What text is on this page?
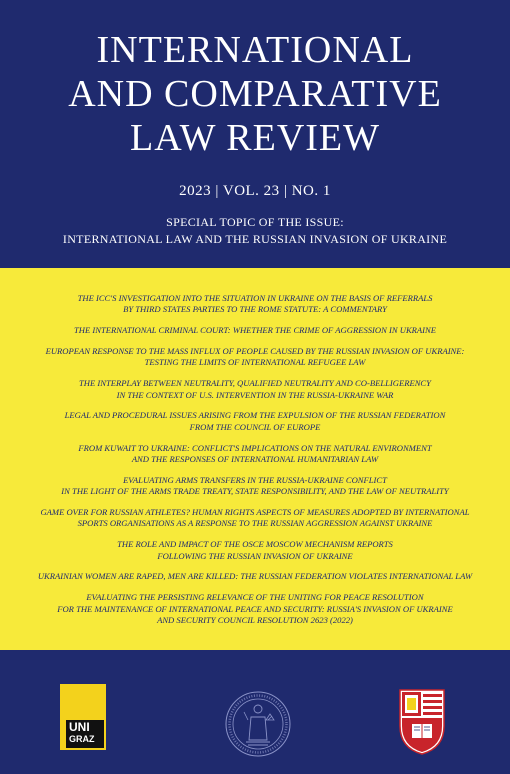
INTERNATIONAL
AND COMPARATIVE
LAW REVIEW
2023 | VOL. 23 | NO. 1
SPECIAL TOPIC OF THE ISSUE:
INTERNATIONAL LAW AND THE RUSSIAN INVASION OF UKRAINE
THE ICC'S INVESTIGATION INTO THE SITUATION IN UKRAINE ON THE BASIS OF REFERRALS
BY THIRD STATES PARTIES TO THE ROME STATUTE: A COMMENTARY
THE INTERNATIONAL CRIMINAL COURT: WHETHER THE CRIME OF AGGRESSION IN UKRAINE
EUROPEAN RESPONSE TO THE MASS INFLUX OF PEOPLE CAUSED BY THE RUSSIAN INVASION OF UKRAINE:
TESTING THE LIMITS OF INTERNATIONAL REFUGEE LAW
THE INTERPLAY BETWEEN NEUTRALITY, QUALIFIED NEUTRALITY AND CO-BELLIGERENCY
IN THE CONTEXT OF U.S. INTERVENTION IN THE RUSSIA-UKRAINE WAR
LEGAL AND PROCEDURAL ISSUES ARISING FROM THE EXPULSION OF THE RUSSIAN FEDERATION
FROM THE COUNCIL OF EUROPE
FROM KUWAIT TO UKRAINE: CONFLICT'S IMPLICATIONS ON THE NATURAL ENVIRONMENT
AND THE RESPONSES OF INTERNATIONAL HUMANITARIAN LAW
EVALUATING ARMS TRANSFERS IN THE RUSSIA-UKRAINE CONFLICT
IN THE LIGHT OF THE ARMS TRADE TREATY, STATE RESPONSIBILITY, AND THE LAW OF NEUTRALITY
GAME OVER FOR RUSSIAN ATHLETES? HUMAN RIGHTS ASPECTS OF MEASURES ADOPTED BY INTERNATIONAL
SPORTS ORGANISATIONS AS A RESPONSE TO THE RUSSIAN AGGRESSION AGAINST UKRAINE
THE ROLE AND IMPACT OF THE OSCE MOSCOW MECHANISM REPORTS
FOLLOWING THE RUSSIAN INVASION OF UKRAINE
UKRAINIAN WOMEN ARE RAPED, MEN ARE KILLED: THE RUSSIAN FEDERATION VIOLATES INTERNATIONAL LAW
EVALUATING THE PERSISTING RELEVANCE OF THE UNITING FOR PEACE RESOLUTION
FOR THE MAINTENANCE OF INTERNATIONAL PEACE AND SECURITY: RUSSIA'S INVASION OF UKRAINE
AND SECURITY COUNCIL RESOLUTION 2623 (2022)
UNI
GRAZ
